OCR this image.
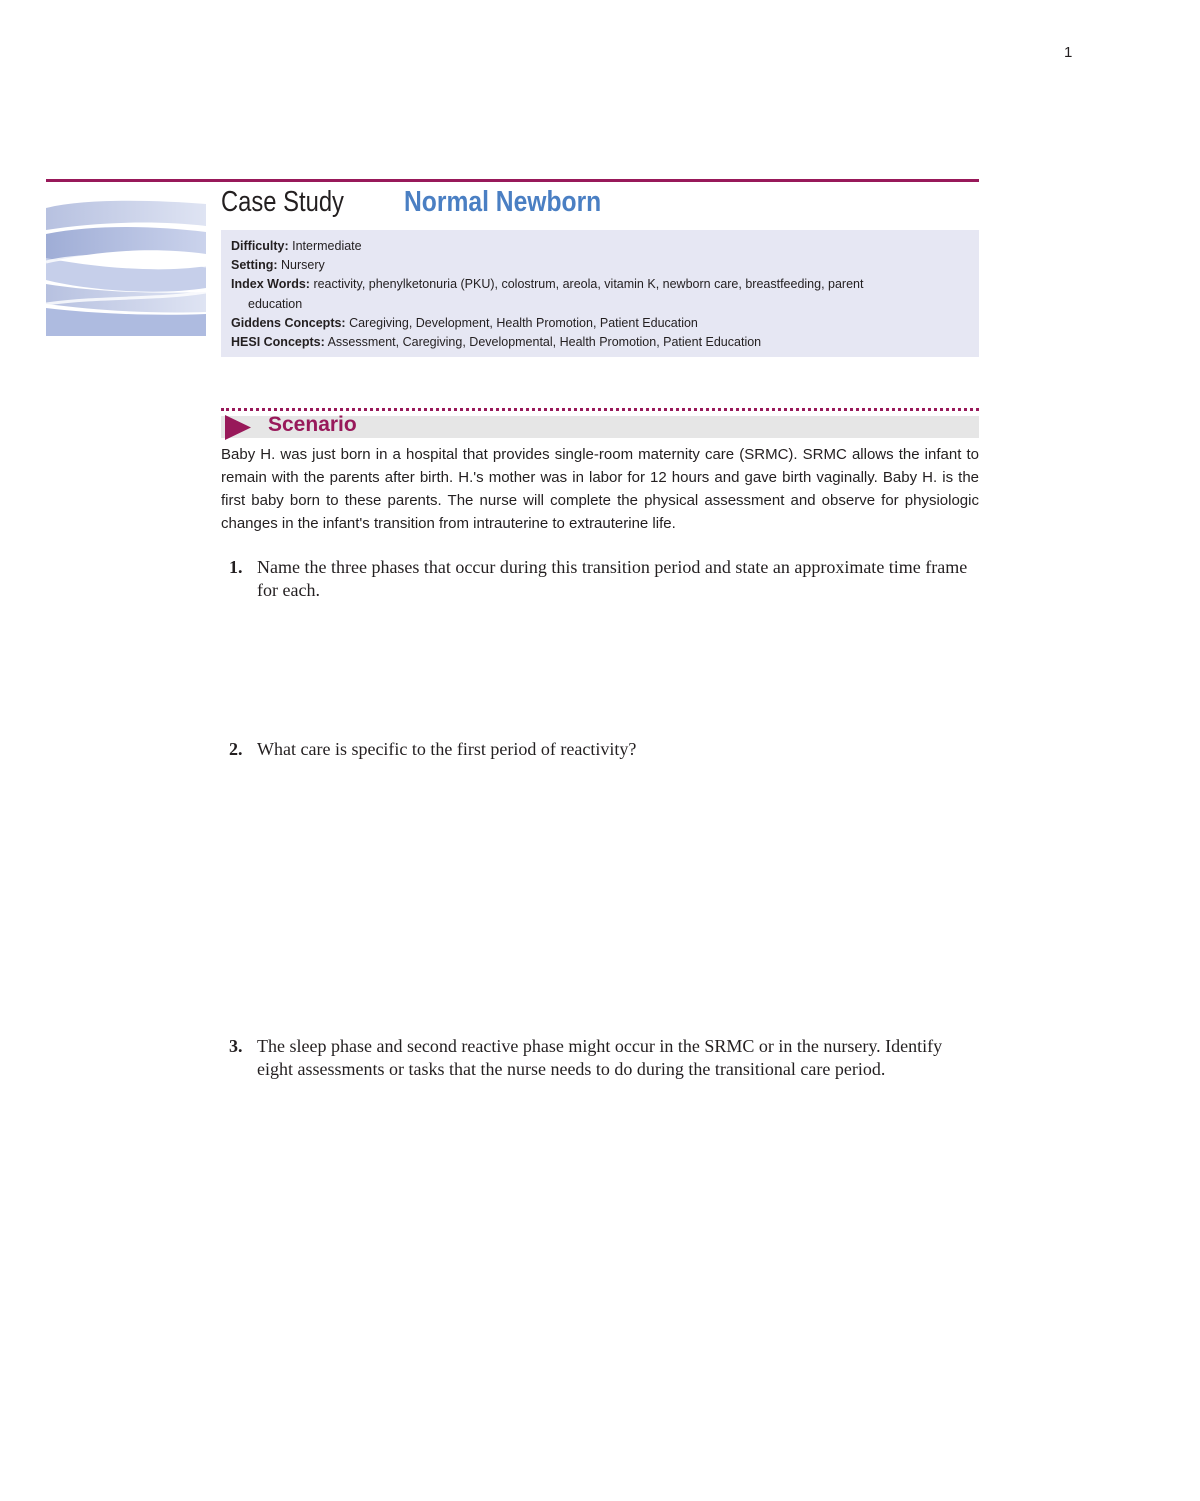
1
Case Study Normal Newborn
Difficulty: Intermediate
Setting: Nursery
Index Words: reactivity, phenylketonuria (PKU), colostrum, areola, vitamin K, newborn care, breastfeeding, parent
education
Giddens Concepts: Caregiving, Development, Health Promotion, Patient Education
HESI Concepts: Assessment, Caregiving, Developmental, Health Promotion, Patient Education
Scenario
Baby H. was just born in a hospital that provides single-room maternity care (SRMC). SRMC allows the infant to remain with the parents after birth. H.'s mother was in labor for 12 hours and gave birth vaginally. Baby H. is the first baby born to these parents. The nurse will complete the physical assessment and observe for physiologic changes in the infant's transition from intrauterine to extrauterine life.
1. Name the three phases that occur during this transition period and state an approximate time frame for each.
2. What care is specific to the first period of reactivity?
3. The sleep phase and second reactive phase might occur in the SRMC or in the nursery. Identify eight assessments or tasks that the nurse needs to do during the transitional care period.
